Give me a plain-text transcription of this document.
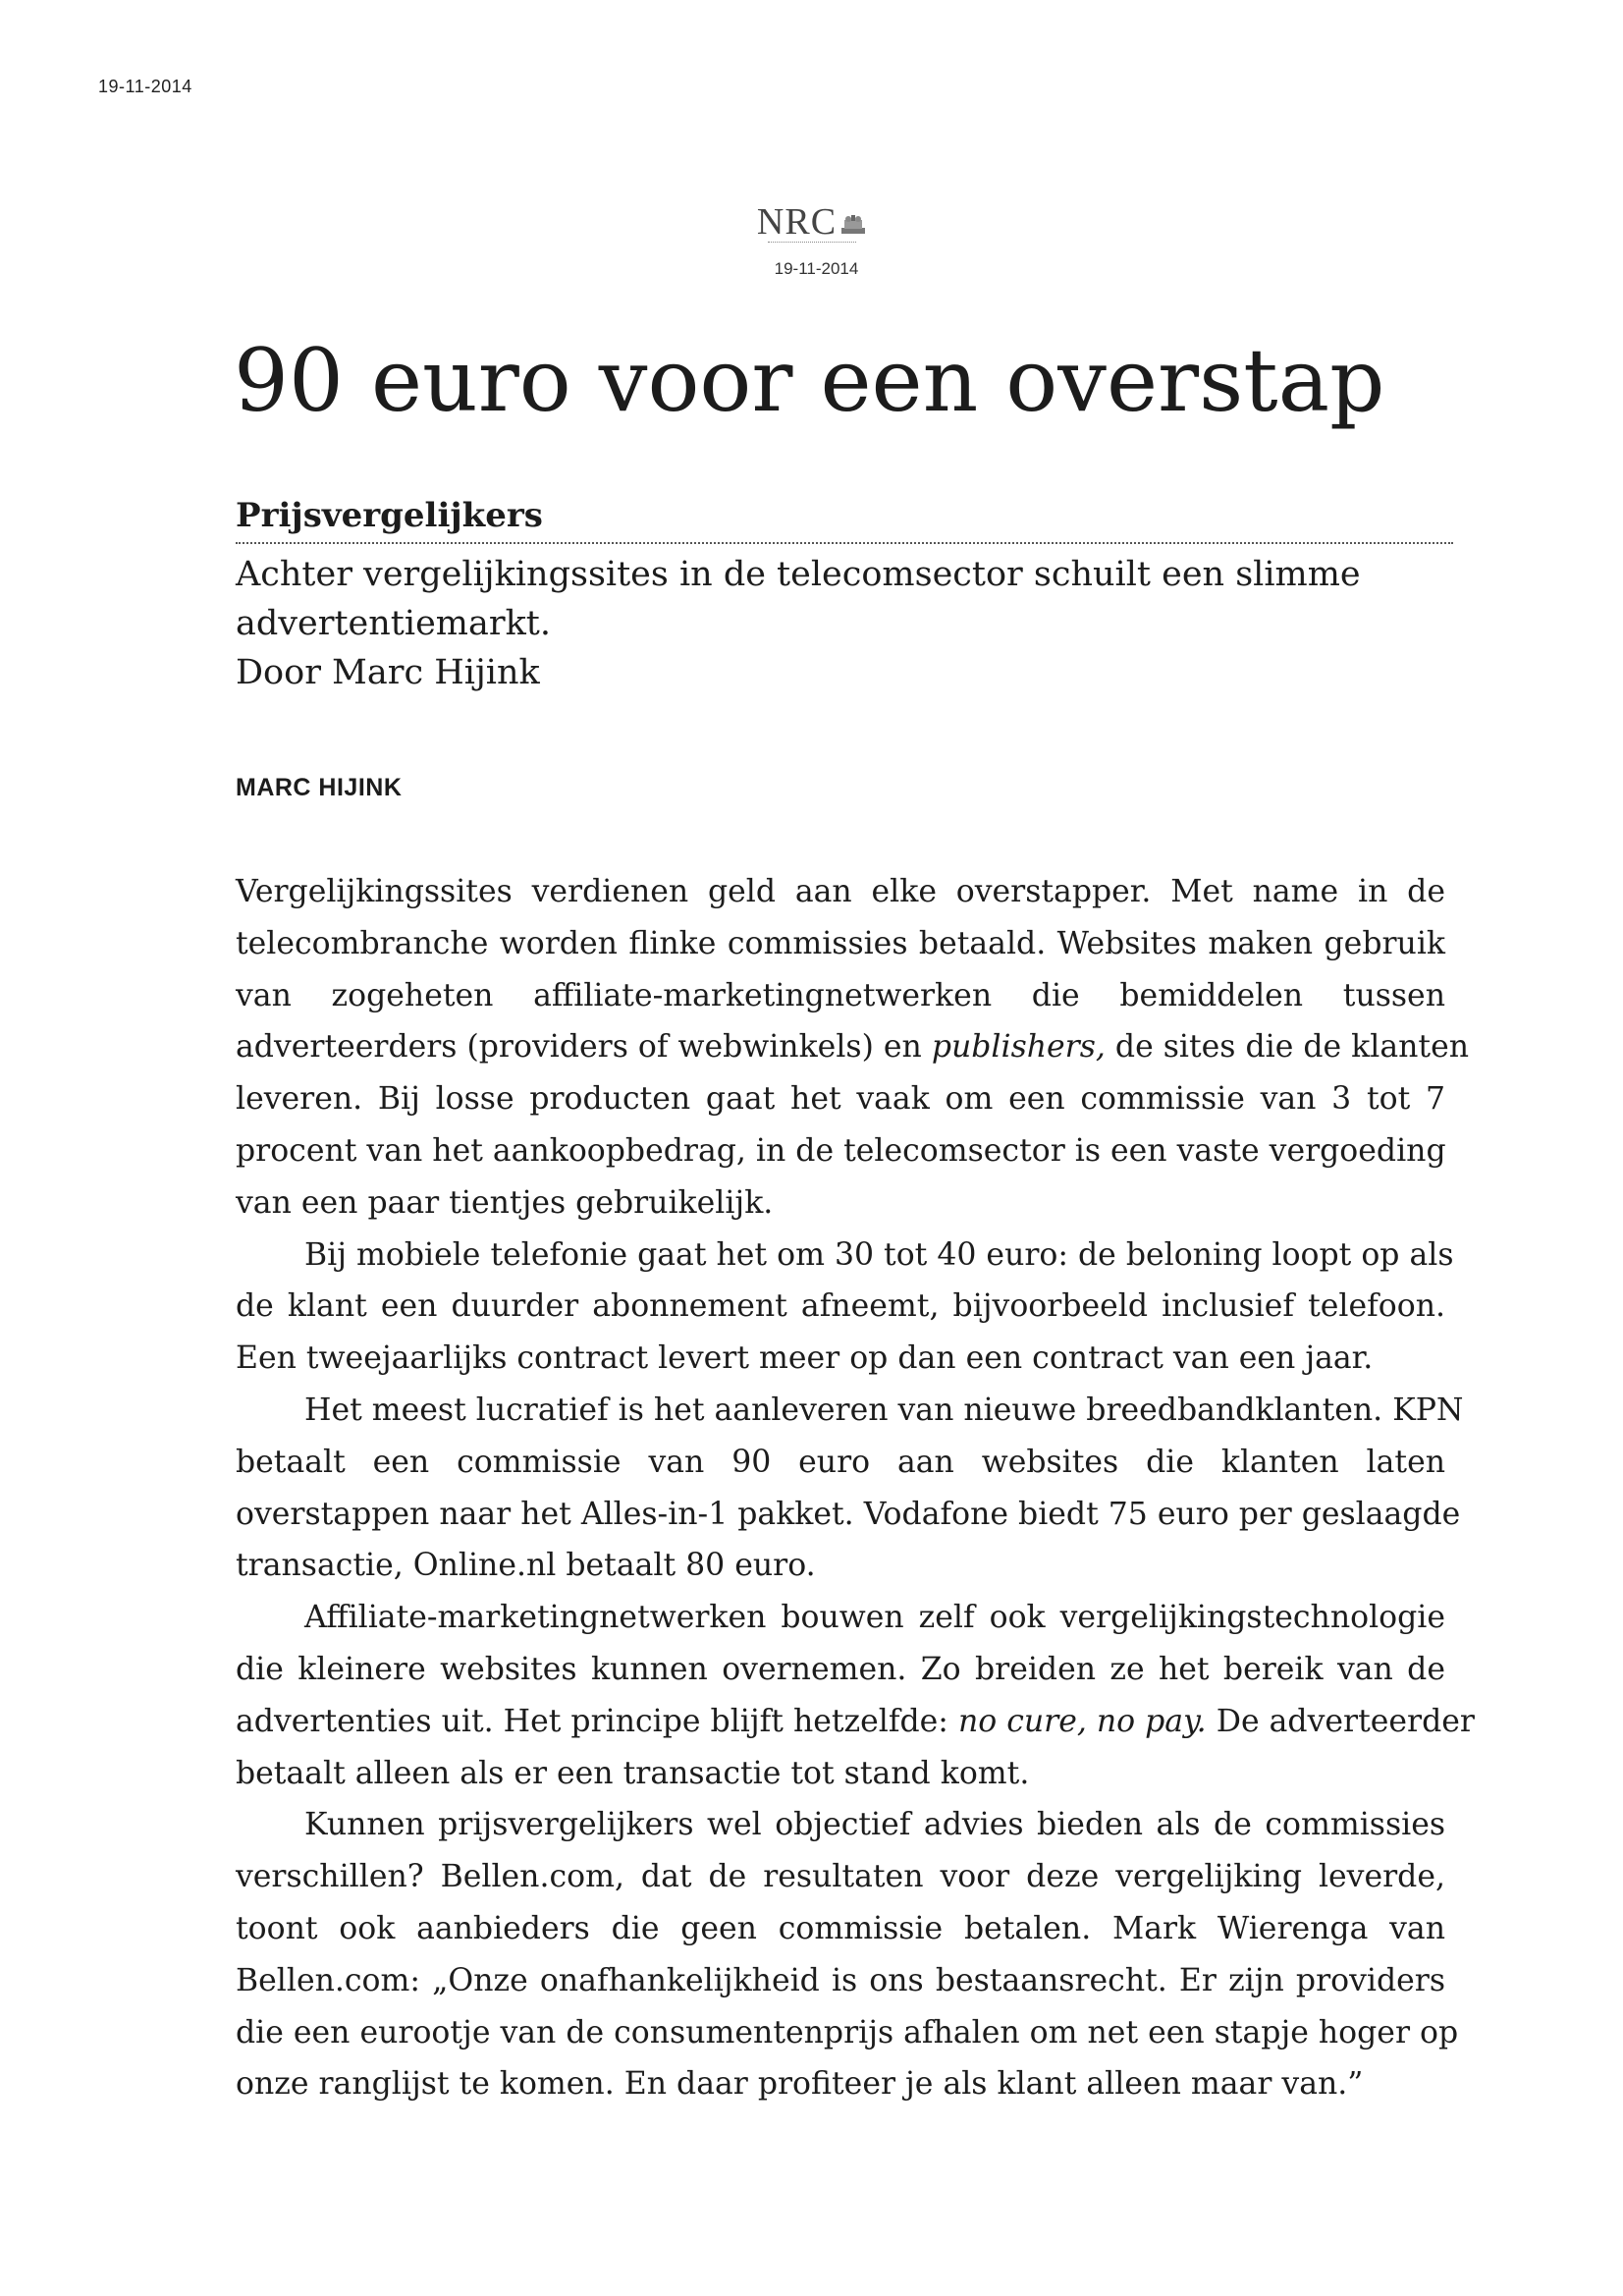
19-11-2014
NRC
19-11-2014
90 euro voor een overstap
Prijsvergelijkers
Achter vergelijkingssites in de telecomsector schuilt een slimme
advertentiemarkt.
Door Marc Hijink
MARC HIJINK
Vergelijkingssites verdienen geld aan elke overstapper. Met name in de
telecombranche worden flinke commissies betaald. Websites maken gebruik
van zogeheten affiliate-marketingnetwerken die bemiddelen tussen
adverteerders (providers of webwinkels) en publishers, de sites die de klanten
leveren. Bij losse producten gaat het vaak om een commissie van 3 tot 7
procent van het aankoopbedrag, in de telecomsector is een vaste vergoeding
van een paar tientjes gebruikelijk.
Bij mobiele telefonie gaat het om 30 tot 40 euro: de beloning loopt op als
de klant een duurder abonnement afneemt, bijvoorbeeld inclusief telefoon.
Een tweejaarlijks contract levert meer op dan een contract van een jaar.
Het meest lucratief is het aanleveren van nieuwe breedbandklanten. KPN
betaalt een commissie van 90 euro aan websites die klanten laten
overstappen naar het Alles-in-1 pakket. Vodafone biedt 75 euro per geslaagde
transactie, Online.nl betaalt 80 euro.
Affiliate-marketingnetwerken bouwen zelf ook vergelijkingstechnologie
die kleinere websites kunnen overnemen. Zo breiden ze het bereik van de
advertenties uit. Het principe blijft hetzelfde: no cure, no pay. De adverteerder
betaalt alleen als er een transactie tot stand komt.
Kunnen prijsvergelijkers wel objectief advies bieden als de commissies
verschillen? Bellen.com, dat de resultaten voor deze vergelijking leverde,
toont ook aanbieders die geen commissie betalen. Mark Wierenga van
Bellen.com: „Onze onafhankelijkheid is ons bestaansrecht. Er zijn providers
die een eurootje van de consumentenprijs afhalen om net een stapje hoger op
onze ranglijst te komen. En daar profiteer je als klant alleen maar van.”
